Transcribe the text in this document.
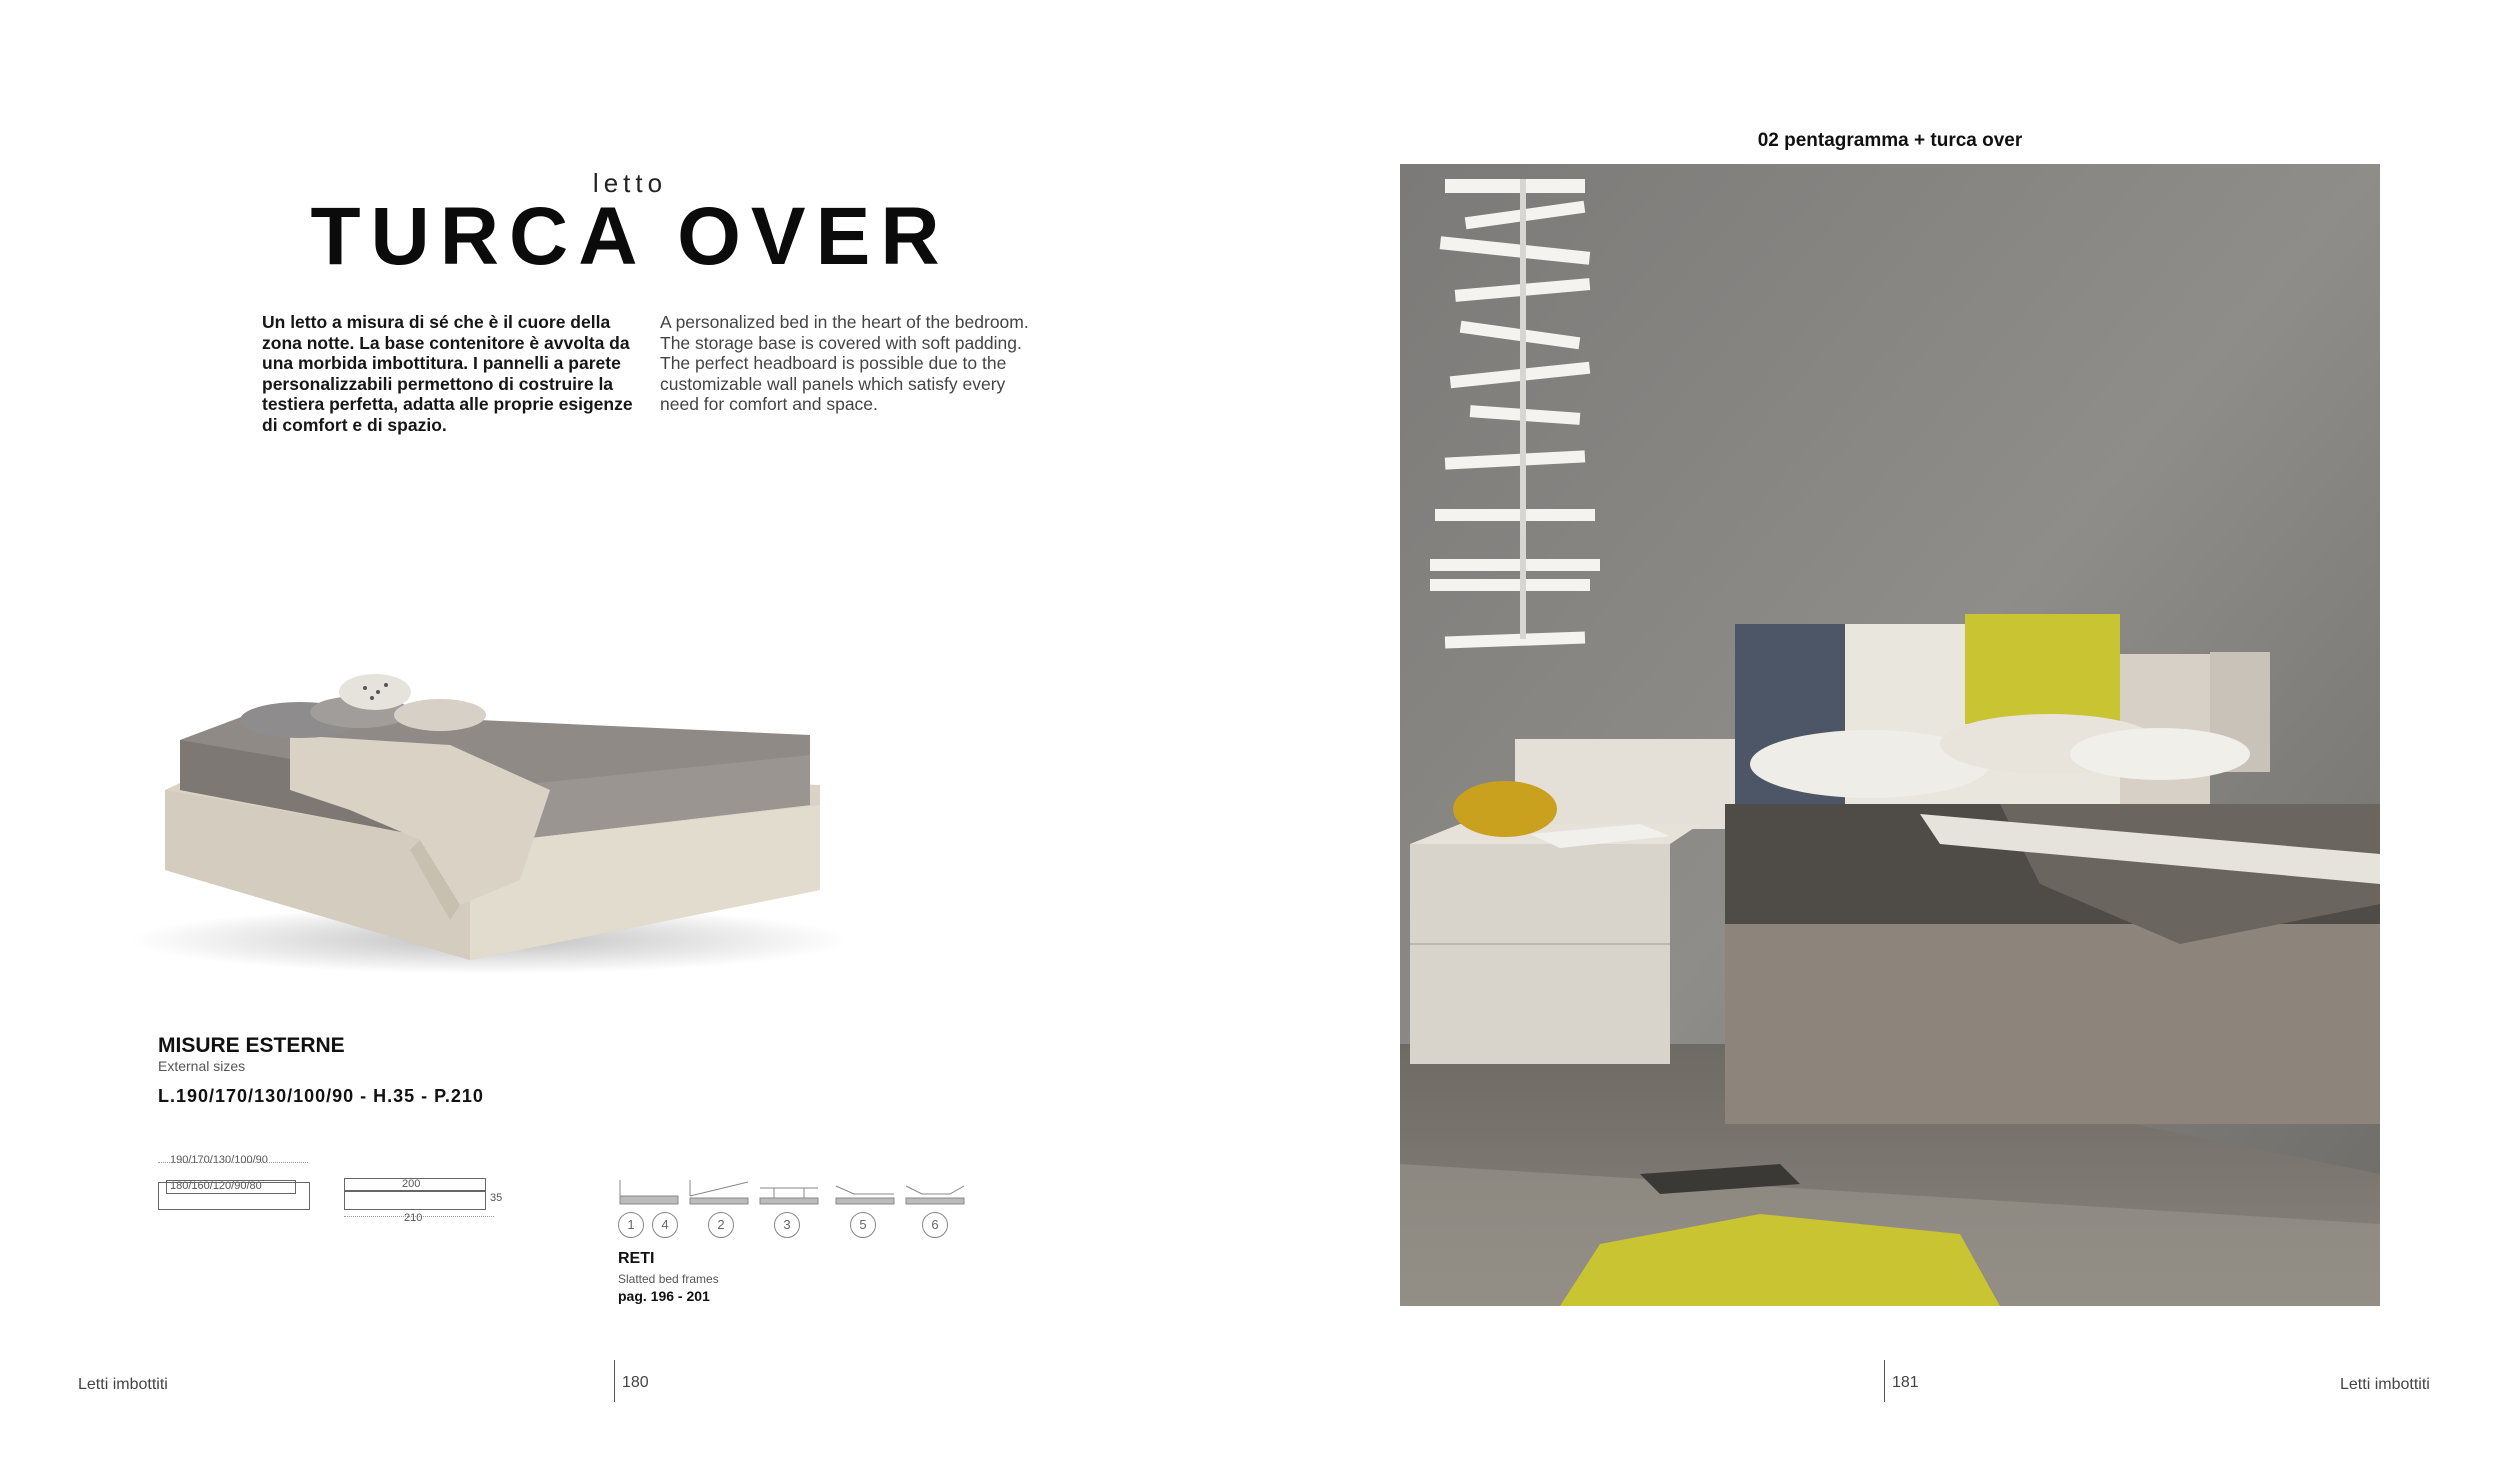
letto
TURCA OVER
Un letto a misura di sé che è il cuore della zona notte. La base contenitore è avvolta da una morbida imbottitura. I pannelli a parete personalizzabili permettono di costruire la testiera perfetta, adatta alle proprie esigenze di comfort e di spazio.
A personalized bed in the heart of the bedroom. The storage base is covered with soft padding. The perfect headboard is possible due to the customizable wall panels which satisfy every need for comfort and space.
MISURE ESTERNE
External sizes
L.190/170/130/100/90 - H.35 - P.210
190/170/130/100/90
180/160/120/90/80	200
35
210	1	4	2	3	5	6
RETI
Slatted bed frames
pag. 196 - 201
02 pentagramma + turca over
Letti imbottiti	180	181	Letti imbottiti
